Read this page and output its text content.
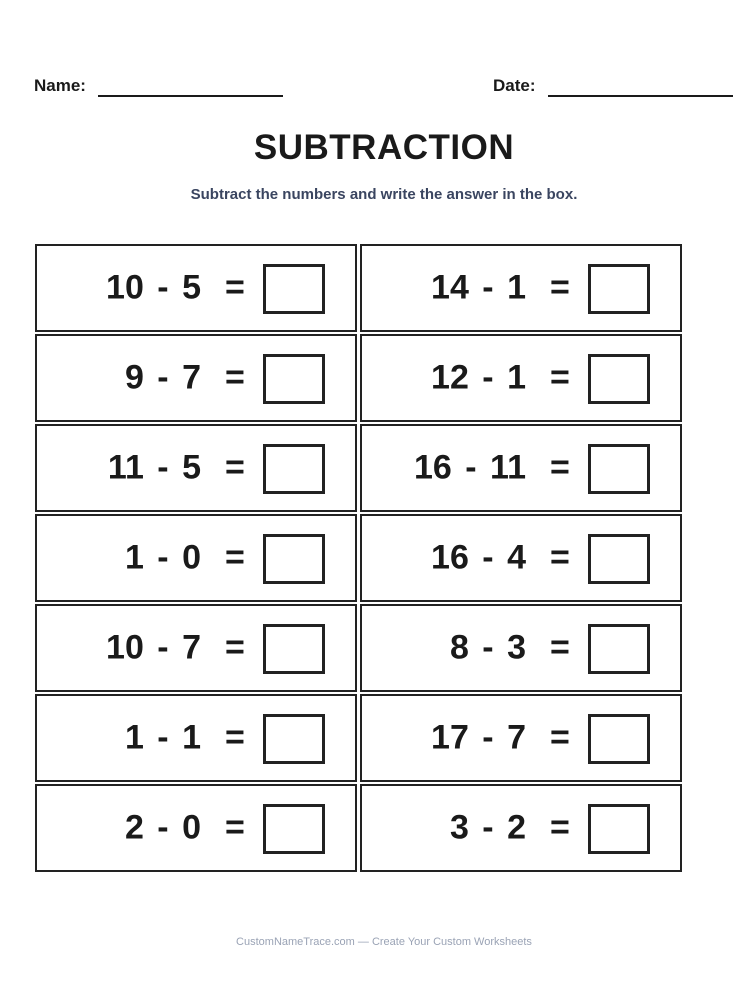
Name:	Date:
SUBTRACTION
Subtract the numbers and write the answer in the box.
10 - 5 =	14 - 1 =
9 - 7 =	12 - 1 =
11 - 5 =	16 - 11 =
1 - 0 =	16 - 4 =
10 - 7 =	8 - 3 =
1 - 1 =	17 - 7 =
2 - 0 =	3 - 2 =
CustomNameTrace.com — Create Your Custom Worksheets
